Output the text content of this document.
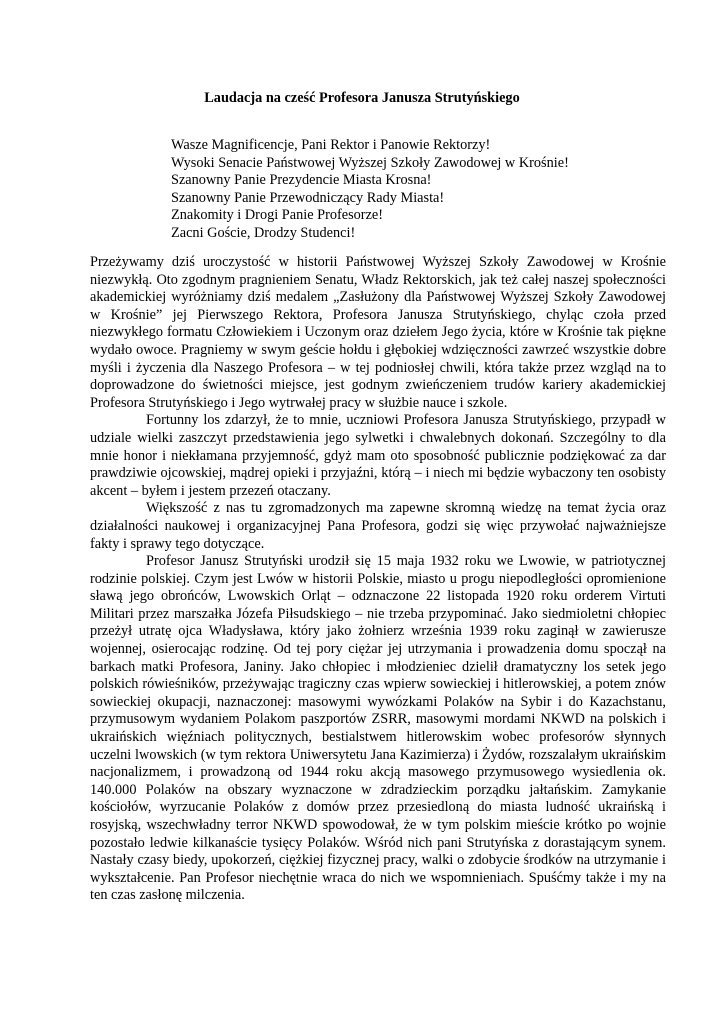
Laudacja na cześć Profesora Janusza Strutyńskiego
Wasze Magnificencje, Pani Rektor i Panowie Rektorzy!
Wysoki Senacie Państwowej Wyższej Szkoły Zawodowej w Krośnie!
Szanowny Panie Prezydencie Miasta Krosna!
Szanowny Panie Przewodniczący Rady Miasta!
Znakomity i Drogi Panie Profesorze!
Zacni Goście, Drodzy Studenci!

Przeżywamy dziś uroczystość w historii Państwowej Wyższej Szkoły Zawodowej w Krośnie niezwykłą. Oto zgodnym pragnieniem Senatu, Władz Rektorskich, jak też całej naszej społeczności akademickiej wyróżniamy dziś medalem „Zasłużony dla Państwowej Wyższej Szkoły Zawodowej w Krośnie” jej Pierwszego Rektora, Profesora Janusza Strutyńskiego, chyląc czoła przed niezwykłego formatu Człowiekiem i Uczonym oraz dziełem Jego życia, które w Krośnie tak piękne wydało owoce. Pragniemy w swym geście hołdu i głębokiej wdzięczności zawrzeć wszystkie dobre myśli i życzenia dla Naszego Profesora – w tej podniosłej chwili, która także przez wzgląd na to doprowadzone do świetności miejsce, jest godnym zwieńczeniem trudów kariery akademickiej Profesora Strutyńskiego i Jego wytrwałej pracy w służbie nauce i szkole.

Fortunny los zdarzył, że to mnie, uczniowi Profesora Janusza Strutyńskiego, przypadł w udziale wielki zaszczyt przedstawienia jego sylwetki i chwalebnych dokonań. Szczególny to dla mnie honor i niekłamana przyjemność, gdyż mam oto sposobność publicznie podziękować za dar prawdziwie ojcowskiej, mądrej opieki i przyjaźni, którą – i niech mi będzie wybaczony ten osobisty akcent – byłem i jestem przezeń otaczany.

Większość z nas tu zgromadzonych ma zapewne skromną wiedzę na temat życia oraz działalności naukowej i organizacyjnej Pana Profesora, godzi się więc przywołać najważniejsze fakty i sprawy tego dotyczące.

Profesor Janusz Strutyński urodził się 15 maja 1932 roku we Lwowie, w patriotycznej rodzinie polskiej. Czym jest Lwów w historii Polskie, miasto u progu niepodległości opromienione sławą jego obrońców, Lwowskich Orląt – odznaczone 22 listopada 1920 roku orderem Virtuti Militari przez marszałka Józefa Piłsudskiego – nie trzeba przypominać. Jako siedmioletni chłopiec przeżył utratę ojca Władysława, który jako żołnierz września 1939 roku zaginął w zawierusze wojennej, osierocając rodzinę. Od tej pory ciężar jej utrzymania i prowadzenia domu spoczął na barkach matki Profesora, Janiny. Jako chłopiec i młodzieniec dzielił dramatyczny los setek jego polskich rówieśników, przeżywając tragiczny czas wpierw sowieckiej i hitlerowskiej, a potem znów sowieckiej okupacji, naznaczonej: masowymi wywózkami Polaków na Sybir i do Kazachstanu, przymusowym wydaniem Polakom paszportów ZSRR, masowymi mordami NKWD na polskich i ukraińskich więźniach politycznych, bestialstwem hitlerowskim wobec profesorów słynnych uczelni lwowskich (w tym rektora Uniwersytetu Jana Kazimierza) i Żydów, rozszalałym ukraińskim nacjonalizmem, i prowadzoną od 1944 roku akcją masowego przymusowego wysiedlenia ok. 140.000 Polaków na obszary wyznaczone w zdradzieckim porządku jałtańskim. Zamykanie kościołów, wyrzucanie Polaków z domów przez przesiedloną do miasta ludność ukraińską i rosyjską, wszechwładny terror NKWD spowodował, że w tym polskim mieście krótko po wojnie pozostało ledwie kilkanaście tysięcy Polaków. Wśród nich pani Strutyńska z dorastającym synem. Nastały czasy biedy, upokorzeń, ciężkiej fizycznej pracy, walki o zdobycie środków na utrzymanie i wykształcenie. Pan Profesor niechętnie wraca do nich we wspomnieniach. Spuśćmy także i my na ten czas zasłonę milczenia.
